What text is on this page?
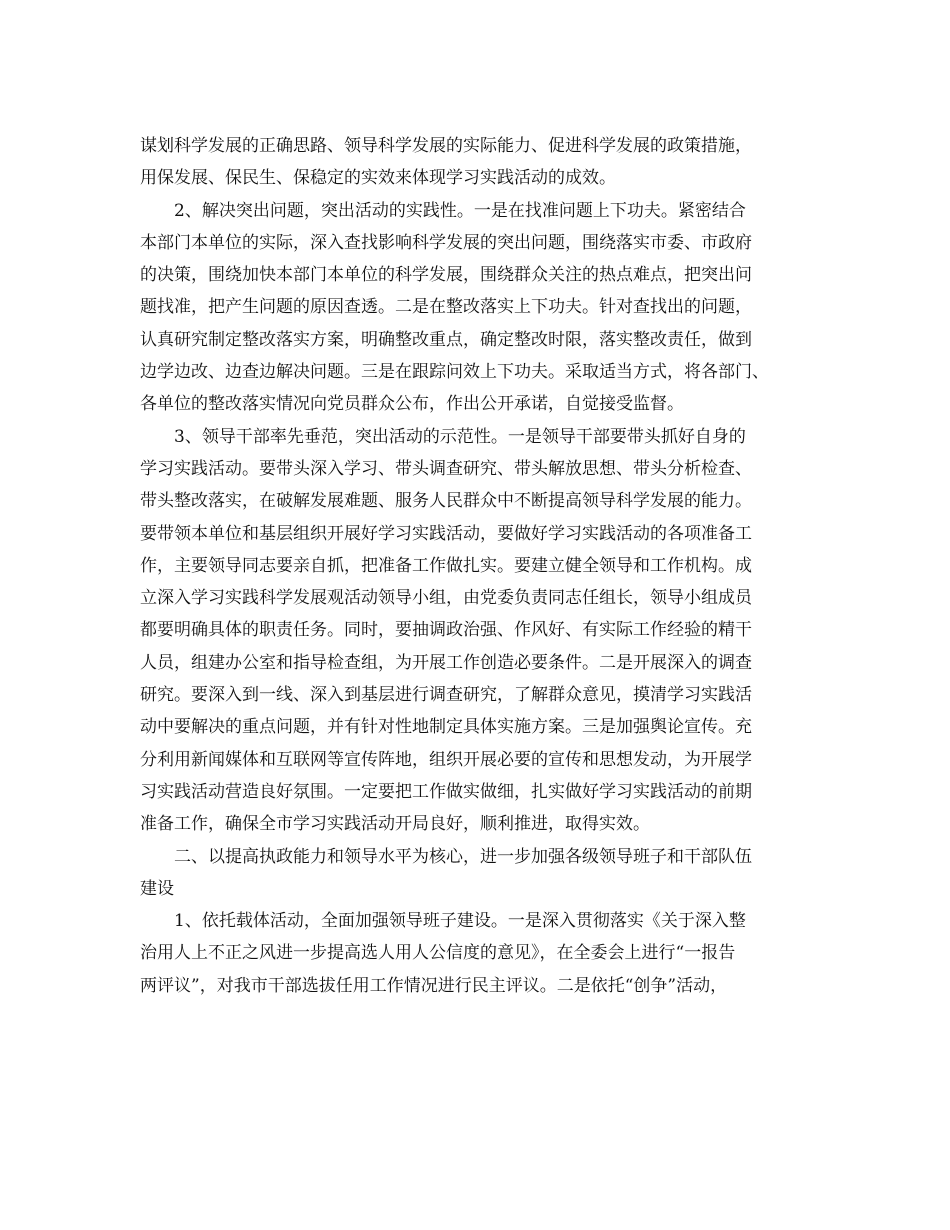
谋划科学发展的正确思路、领导科学发展的实际能力、促进科学发展的政策措施，
用保发展、保民生、保稳定的实效来体现学习实践活动的成效。
2、解决突出问题，突出活动的实践性。一是在找准问题上下功夫。紧密结合
本部门本单位的实际，深入查找影响科学发展的突出问题，围绕落实市委、市政府
的决策，围绕加快本部门本单位的科学发展，围绕群众关注的热点难点，把突出问
题找准，把产生问题的原因查透。二是在整改落实上下功夫。针对查找出的问题，
认真研究制定整改落实方案，明确整改重点，确定整改时限，落实整改责任，做到
边学边改、边查边解决问题。三是在跟踪问效上下功夫。采取适当方式，将各部门、
各单位的整改落实情况向党员群众公布，作出公开承诺，自觉接受监督。
3、领导干部率先垂范，突出活动的示范性。一是领导干部要带头抓好自身的
学习实践活动。要带头深入学习、带头调查研究、带头解放思想、带头分析检查、
带头整改落实，在破解发展难题、服务人民群众中不断提高领导科学发展的能力。
要带领本单位和基层组织开展好学习实践活动，要做好学习实践活动的各项准备工
作，主要领导同志要亲自抓，把准备工作做扎实。要建立健全领导和工作机构。成
立深入学习实践科学发展观活动领导小组，由党委负责同志任组长，领导小组成员
都要明确具体的职责任务。同时，要抽调政治强、作风好、有实际工作经验的精干
人员，组建办公室和指导检查组，为开展工作创造必要条件。二是开展深入的调查
研究。要深入到一线、深入到基层进行调查研究，了解群众意见，摸清学习实践活
动中要解决的重点问题，并有针对性地制定具体实施方案。三是加强舆论宣传。充
分利用新闻媒体和互联网等宣传阵地，组织开展必要的宣传和思想发动，为开展学
习实践活动营造良好氛围。一定要把工作做实做细，扎实做好学习实践活动的前期
准备工作，确保全市学习实践活动开局良好，顺利推进，取得实效。
二、以提高执政能力和领导水平为核心，进一步加强各级领导班子和干部队伍
建设
1、依托载体活动，全面加强领导班子建设。一是深入贯彻落实《关于深入整
治用人上不正之风进一步提高选人用人公信度的意见》，在全委会上进行“一报告
两评议”，对我市干部选拔任用工作情况进行民主评议。二是依托“创争”活动，
